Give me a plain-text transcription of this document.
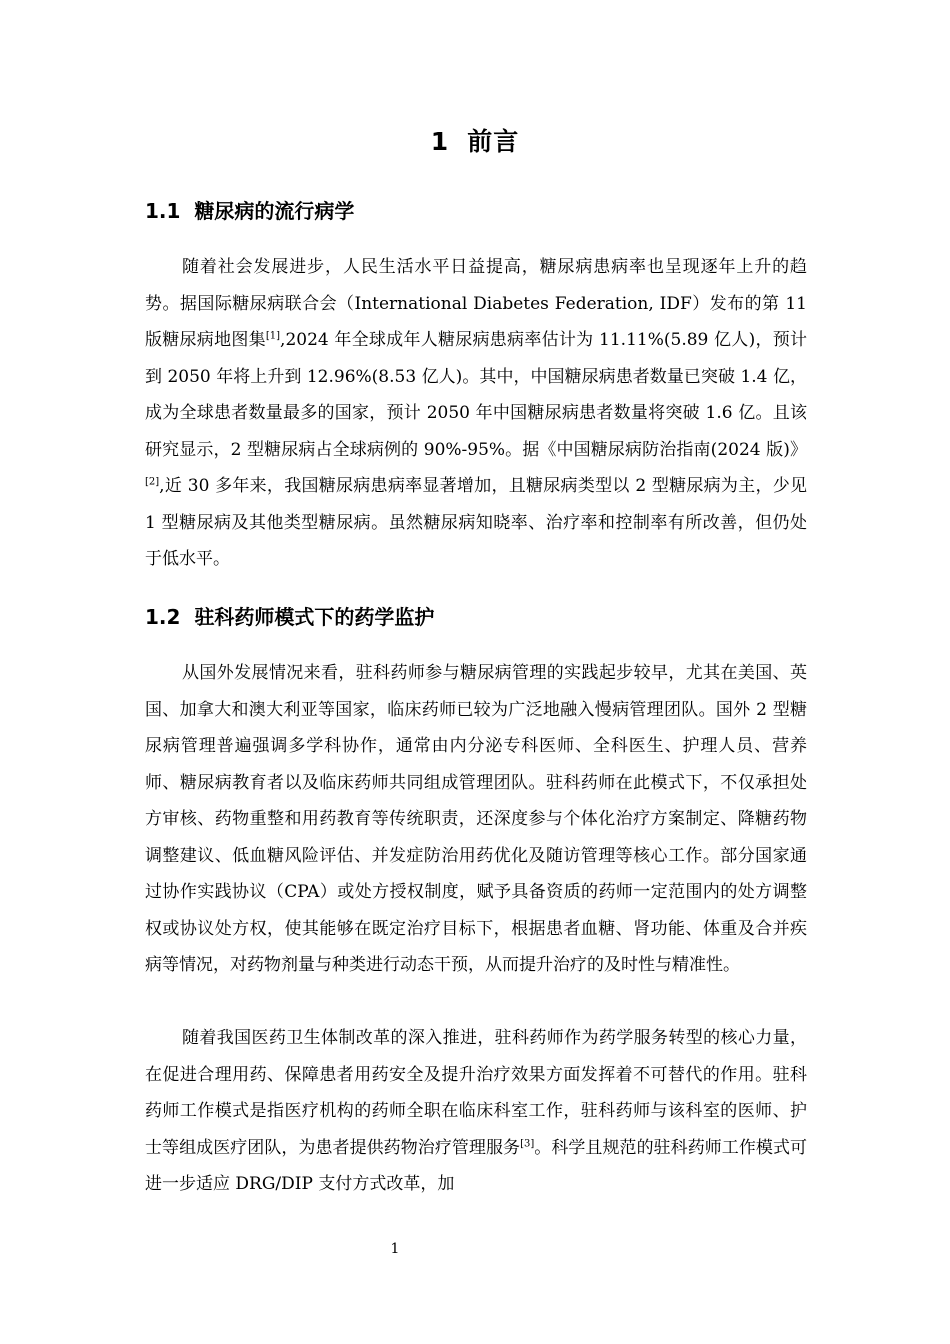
1 前言
1.1 糖尿病的流行病学
随着社会发展进步，人民生活水平日益提高，糖尿病患病率也呈现逐年上升的趋势。据国际糖尿病联合会（International Diabetes Federation, IDF）发布的第 11 版糖尿病地图集[1],2024 年全球成年人糖尿病患病率估计为 11.11%(5.89 亿人)，预计到 2050 年将上升到 12.96%(8.53 亿人)。其中，中国糖尿病患者数量已突破 1.4 亿，成为全球患者数量最多的国家，预计 2050 年中国糖尿病患者数量将突破 1.6 亿。且该研究显示，2 型糖尿病占全球病例的 90%-95%。据《中国糖尿病防治指南(2024 版)》[2],近 30 多年来，我国糖尿病患病率显著增加，且糖尿病类型以 2 型糖尿病为主，少见 1 型糖尿病及其他类型糖尿病。虽然糖尿病知晓率、治疗率和控制率有所改善，但仍处于低水平。
1.2 驻科药师模式下的药学监护
从国外发展情况来看，驻科药师参与糖尿病管理的实践起步较早，尤其在美国、英国、加拿大和澳大利亚等国家，临床药师已较为广泛地融入慢病管理团队。国外 2 型糖尿病管理普遍强调多学科协作，通常由内分泌专科医师、全科医生、护理人员、营养师、糖尿病教育者以及临床药师共同组成管理团队。驻科药师在此模式下，不仅承担处方审核、药物重整和用药教育等传统职责，还深度参与个体化治疗方案制定、降糖药物调整建议、低血糖风险评估、并发症防治用药优化及随访管理等核心工作。部分国家通过协作实践协议（CPA）或处方授权制度，赋予具备资质的药师一定范围内的处方调整权或协议处方权，使其能够在既定治疗目标下，根据患者血糖、肾功能、体重及合并疾病等情况，对药物剂量与种类进行动态干预，从而提升治疗的及时性与精准性。
随着我国医药卫生体制改革的深入推进，驻科药师作为药学服务转型的核心力量，在促进合理用药、保障患者用药安全及提升治疗效果方面发挥着不可替代的作用。驻科药师工作模式是指医疗机构的药师全职在临床科室工作，驻科药师与该科室的医师、护士等组成医疗团队，为患者提供药物治疗管理服务[3]。科学且规范的驻科药师工作模式可进一步适应 DRG/DIP 支付方式改革，加
1
